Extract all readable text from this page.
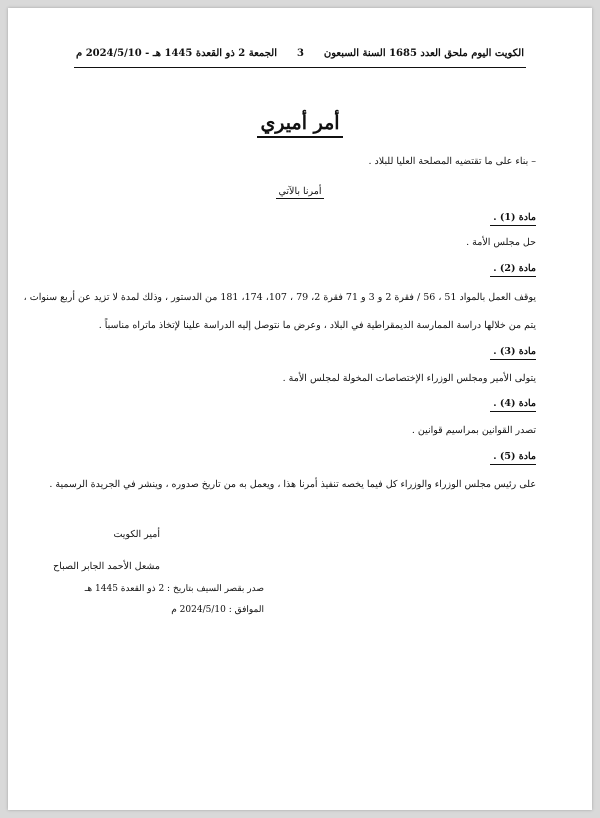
الكويت اليوم ملحق العدد 1685 السنة السبعون
3
الجمعة 2 ذو القعدة 1445 هـ - 2024/5/10 م
أمر أميري
– بناء على ما تقتضيه المصلحة العليا للبلاد .
أمرنا بالآتي
مادة (1) .
حل مجلس الأمة .
مادة (2) .
يوقف العمل بالمواد 51 ، 56 / فقرة 2 و 3 و 71 فقرة 2، 79 ، 107، 174، 181 من الدستور ، وذلك لمدة لا تزيد عن أربع سنوات ،
يتم من خلالها دراسة الممارسة الديمقراطية في البلاد ، وعرض ما نتوصل إليه الدراسة علينا لإتخاذ ماتراه مناسباً .
مادة (3) .
يتولى الأمير ومجلس الوزراء الإختصاصات المخولة لمجلس الأمة .
مادة (4) .
تصدر القوانين بمراسيم قوانين .
مادة (5) .
على رئيس مجلس الوزراء والوزراء كل فيما يخصه تنفيذ أمرنا هذا ، ويعمل به من تاريخ صدوره ، وينشر في الجريدة الرسمية .
أمير الكويت
مشعل الأحمد الجابر الصباح
صدر بقصر السيف بتاريخ : 2 ذو القعدة 1445 هـ
الموافق : 2024/5/10 م
